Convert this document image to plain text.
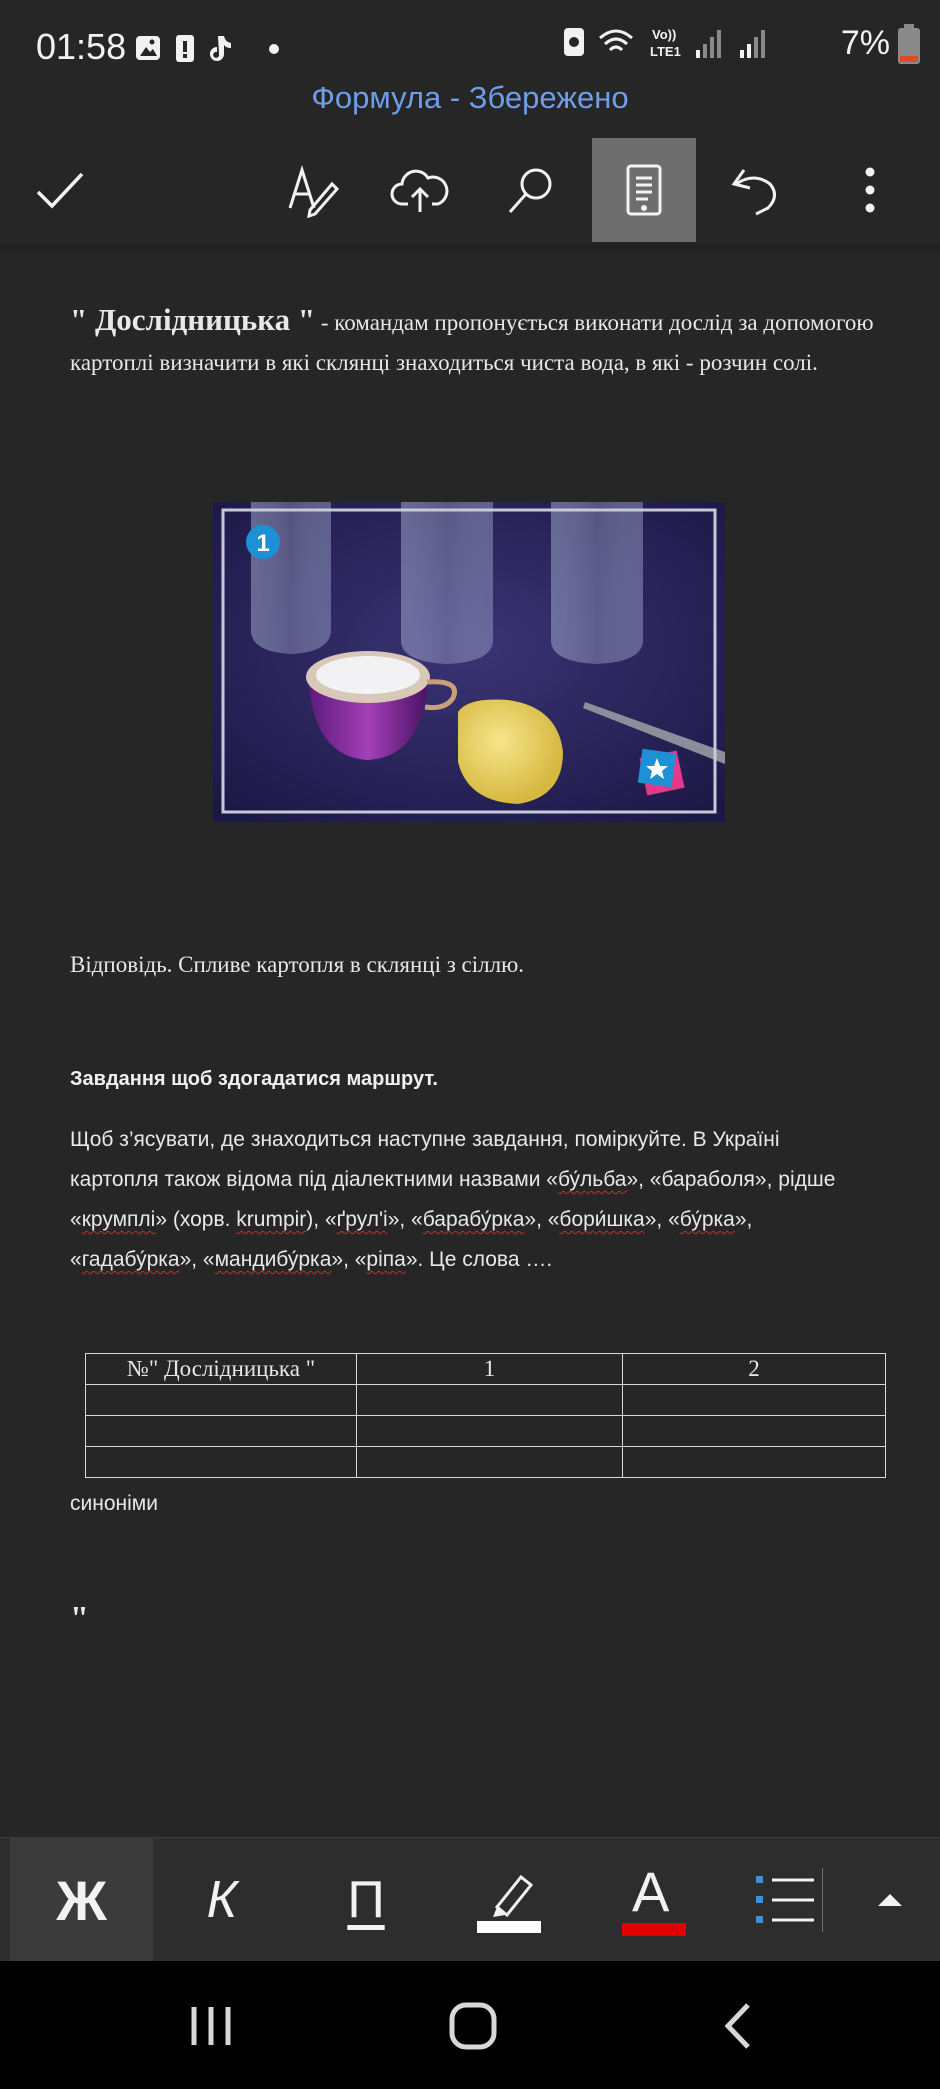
01:58	Vo))
LTE1	7%
Формула - Збережено

" Дослідницька " - командам пропонується виконати дослід за допомогою картоплі визначити в які склянці знаходиться чиста вода, в які - розчин солі.

1
Відповідь. Спливе картопля в склянці з сіллю.
Завдання щоб здогадатися маршрут.
Щоб з’ясувати, де знаходиться наступне завдання, поміркуйте. В Україні картопля також відома під діалектними назвами «бу́льба», «бараболя», рідше «крумплі» (хорв. krumpir), «ґрул'і», «барабу́рка», «бори́шка», «бу́рка», «гадабу́рка», «мандибу́рка», «ріпа». Це слова ….
№" Дослідницька "	1	2

синоніми
"
Ж К П	A
